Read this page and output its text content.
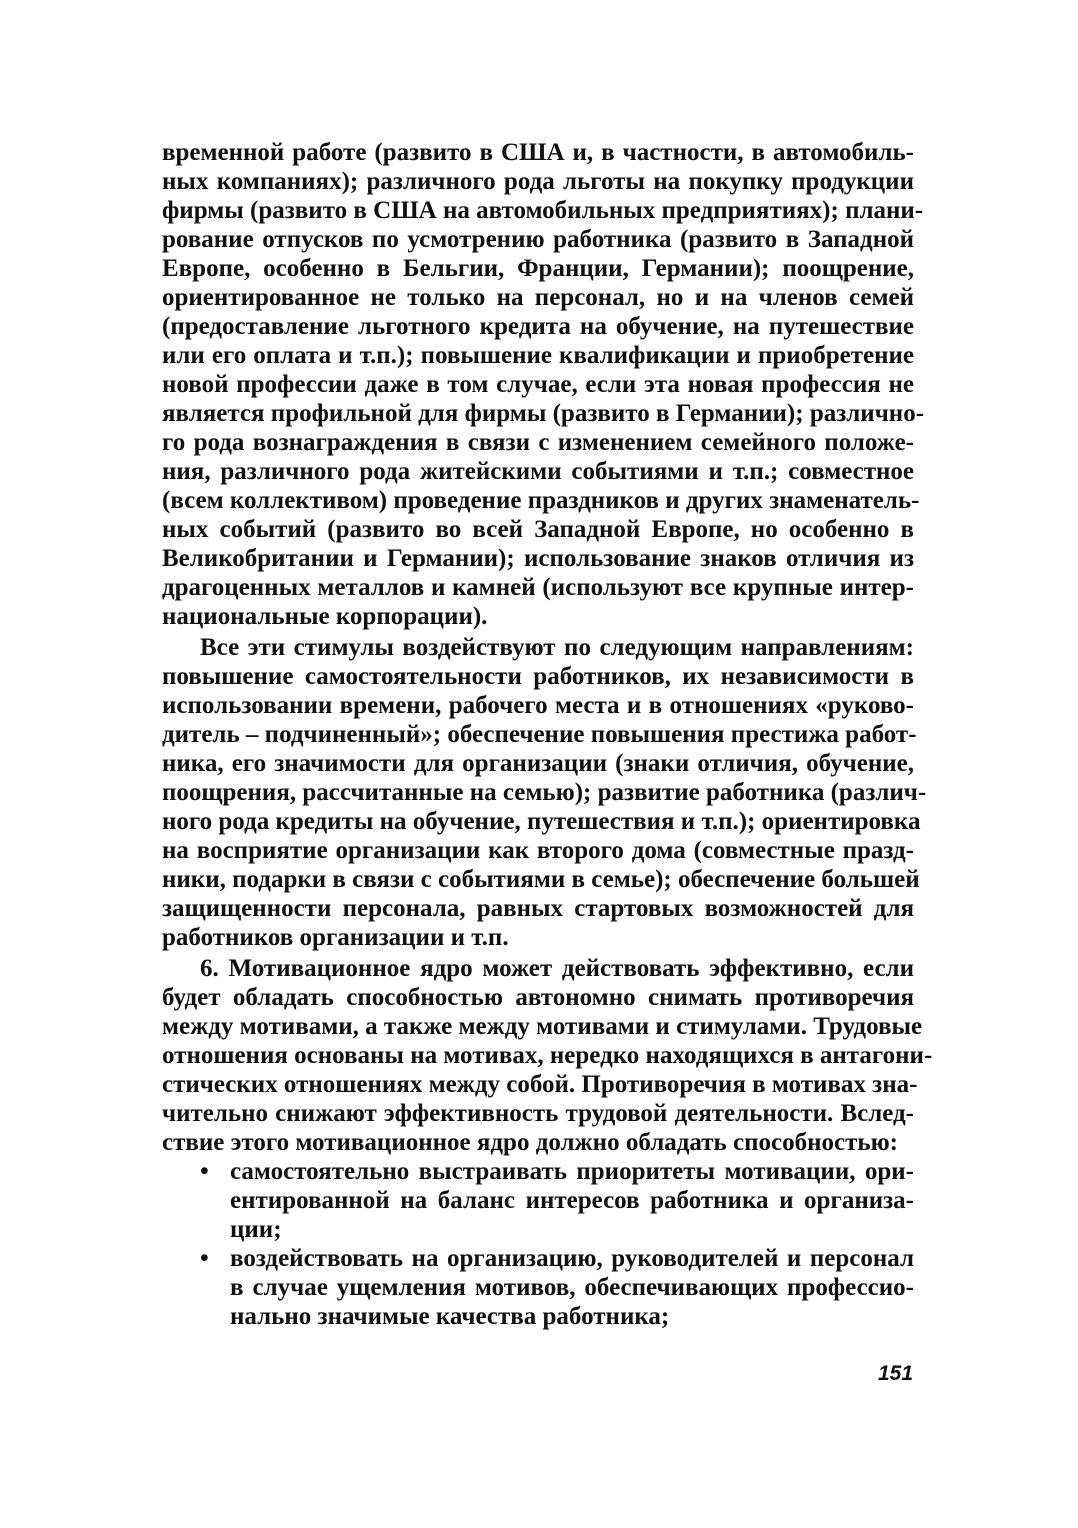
временной работе (развито в США и, в частности, в автомобиль-
ных компаниях); различного рода льготы на покупку продукции
фирмы (развито в США на автомобильных предприятиях); плани-
рование отпусков по усмотрению работника (развито в Западной
Европе, особенно в Бельгии, Франции, Германии); поощрение,
ориентированное не только на персонал, но и на членов семей
(предоставление льготного кредита на обучение, на путешествие
или его оплата и т.п.); повышение квалификации и приобретение
новой профессии даже в том случае, если эта новая профессия не
является профильной для фирмы (развито в Германии); различно-
го рода вознаграждения в связи с изменением семейного положе-
ния, различного рода житейскими событиями и т.п.; совместное
(всем коллективом) проведение праздников и других знаменатель-
ных событий (развито во всей Западной Европе, но особенно в
Великобритании и Германии); использование знаков отличия из
драгоценных металлов и камней (используют все крупные интер-
национальные корпорации).
Все эти стимулы воздействуют по следующим направлениям:
повышение самостоятельности работников, их независимости в
использовании времени, рабочего места и в отношениях «руково-
дитель – подчиненный»; обеспечение повышения престижа работ-
ника, его значимости для организации (знаки отличия, обучение,
поощрения, рассчитанные на семью); развитие работника (различ-
ного рода кредиты на обучение, путешествия и т.п.); ориентировка
на восприятие организации как второго дома (совместные празд-
ники, подарки в связи с событиями в семье); обеспечение большей
защищенности персонала, равных стартовых возможностей для
работников организации и т.п.
6. Мотивационное ядро может действовать эффективно, если
будет обладать способностью автономно снимать противоречия
между мотивами, а также между мотивами и стимулами. Трудовые
отношения основаны на мотивах, нередко находящихся в антагони-
стических отношениях между собой. Противоречия в мотивах зна-
чительно снижают эффективность трудовой деятельности. Вслед-
ствие этого мотивационное ядро должно обладать способностью:
• самостоятельно выстраивать приоритеты мотивации, ори-
ентированной на баланс интересов работника и организа-
ции;
• воздействовать на организацию, руководителей и персонал
в случае ущемления мотивов, обеспечивающих профессио-
нально значимые качества работника;
151
